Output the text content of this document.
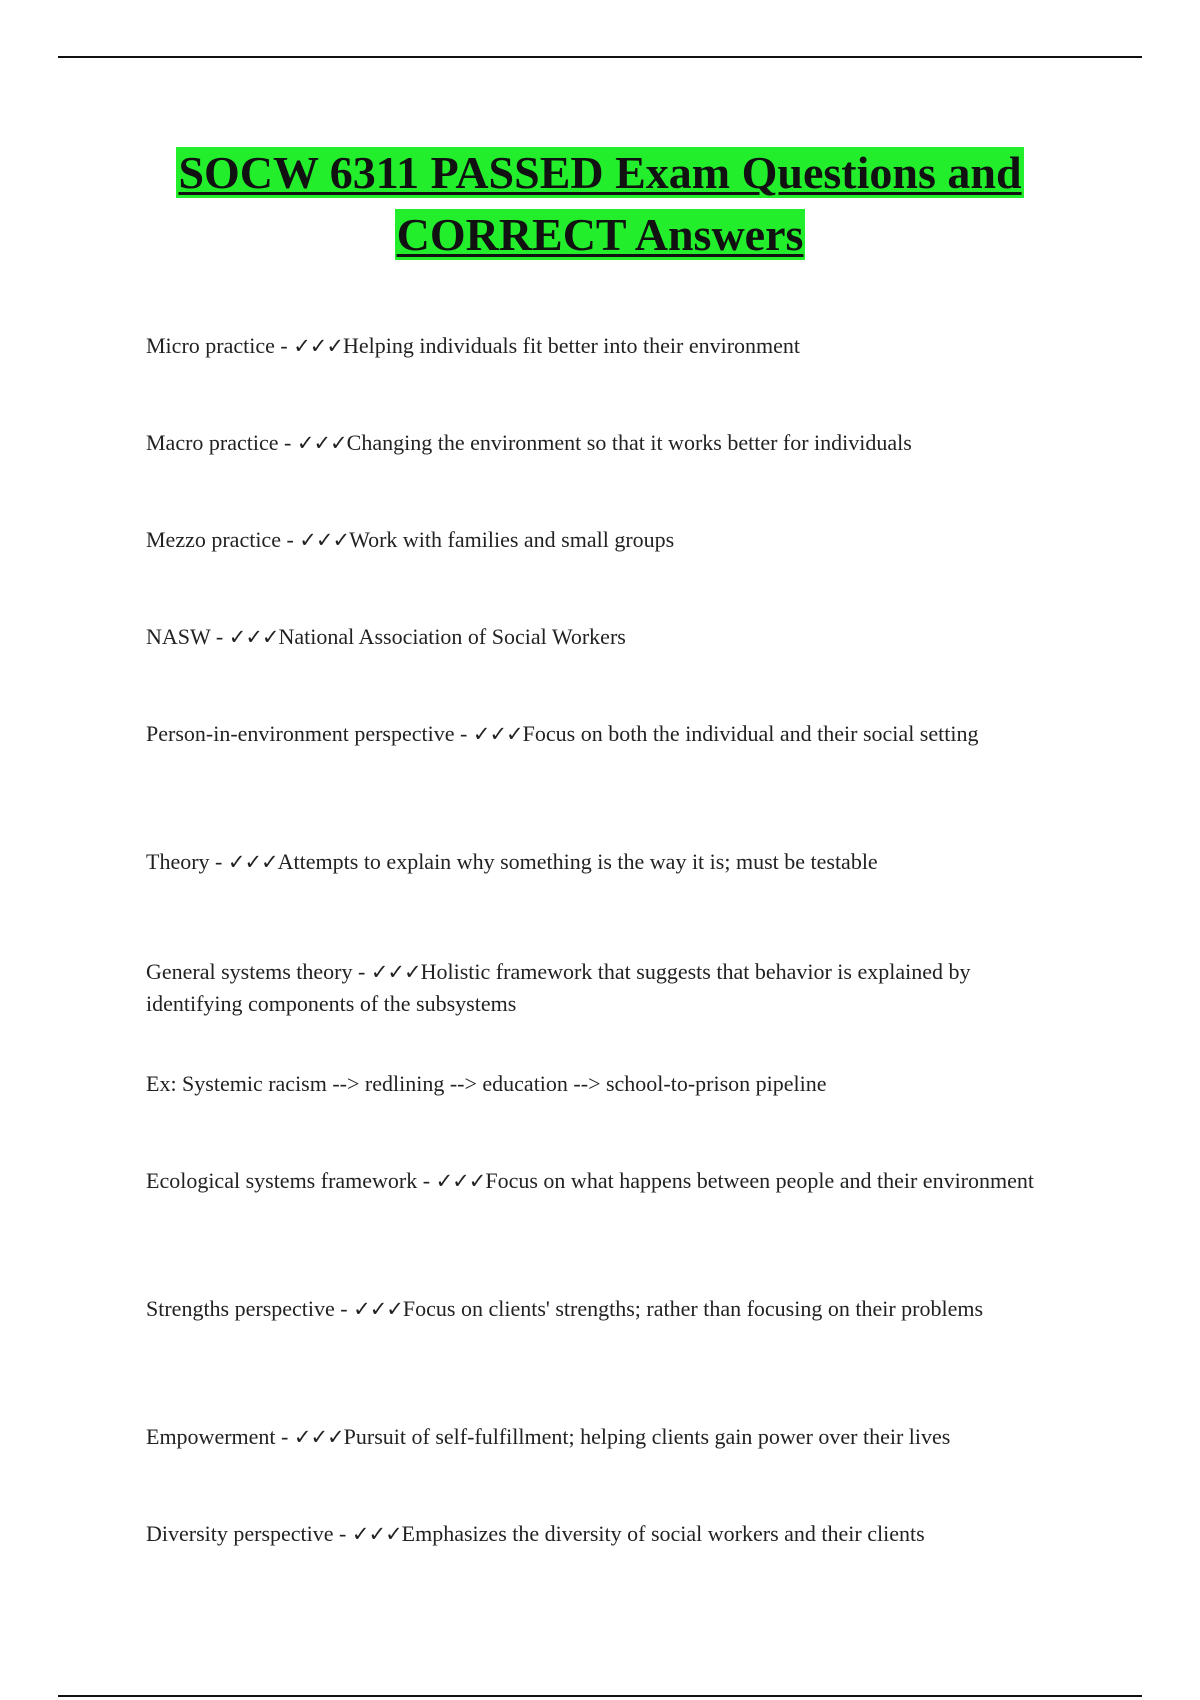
SOCW 6311 PASSED Exam Questions and CORRECT Answers
Micro practice - ✓✓✓Helping individuals fit better into their environment
Macro practice - ✓✓✓Changing the environment so that it works better for individuals
Mezzo practice - ✓✓✓Work with families and small groups
NASW - ✓✓✓National Association of Social Workers
Person-in-environment perspective - ✓✓✓Focus on both the individual and their social setting
Theory - ✓✓✓Attempts to explain why something is the way it is; must be testable
General systems theory - ✓✓✓Holistic framework that suggests that behavior is explained by identifying components of the subsystems
Ex: Systemic racism --> redlining --> education --> school-to-prison pipeline
Ecological systems framework - ✓✓✓Focus on what happens between people and their environment
Strengths perspective - ✓✓✓Focus on clients' strengths; rather than focusing on their problems
Empowerment - ✓✓✓Pursuit of self-fulfillment; helping clients gain power over their lives
Diversity perspective - ✓✓✓Emphasizes the diversity of social workers and their clients
